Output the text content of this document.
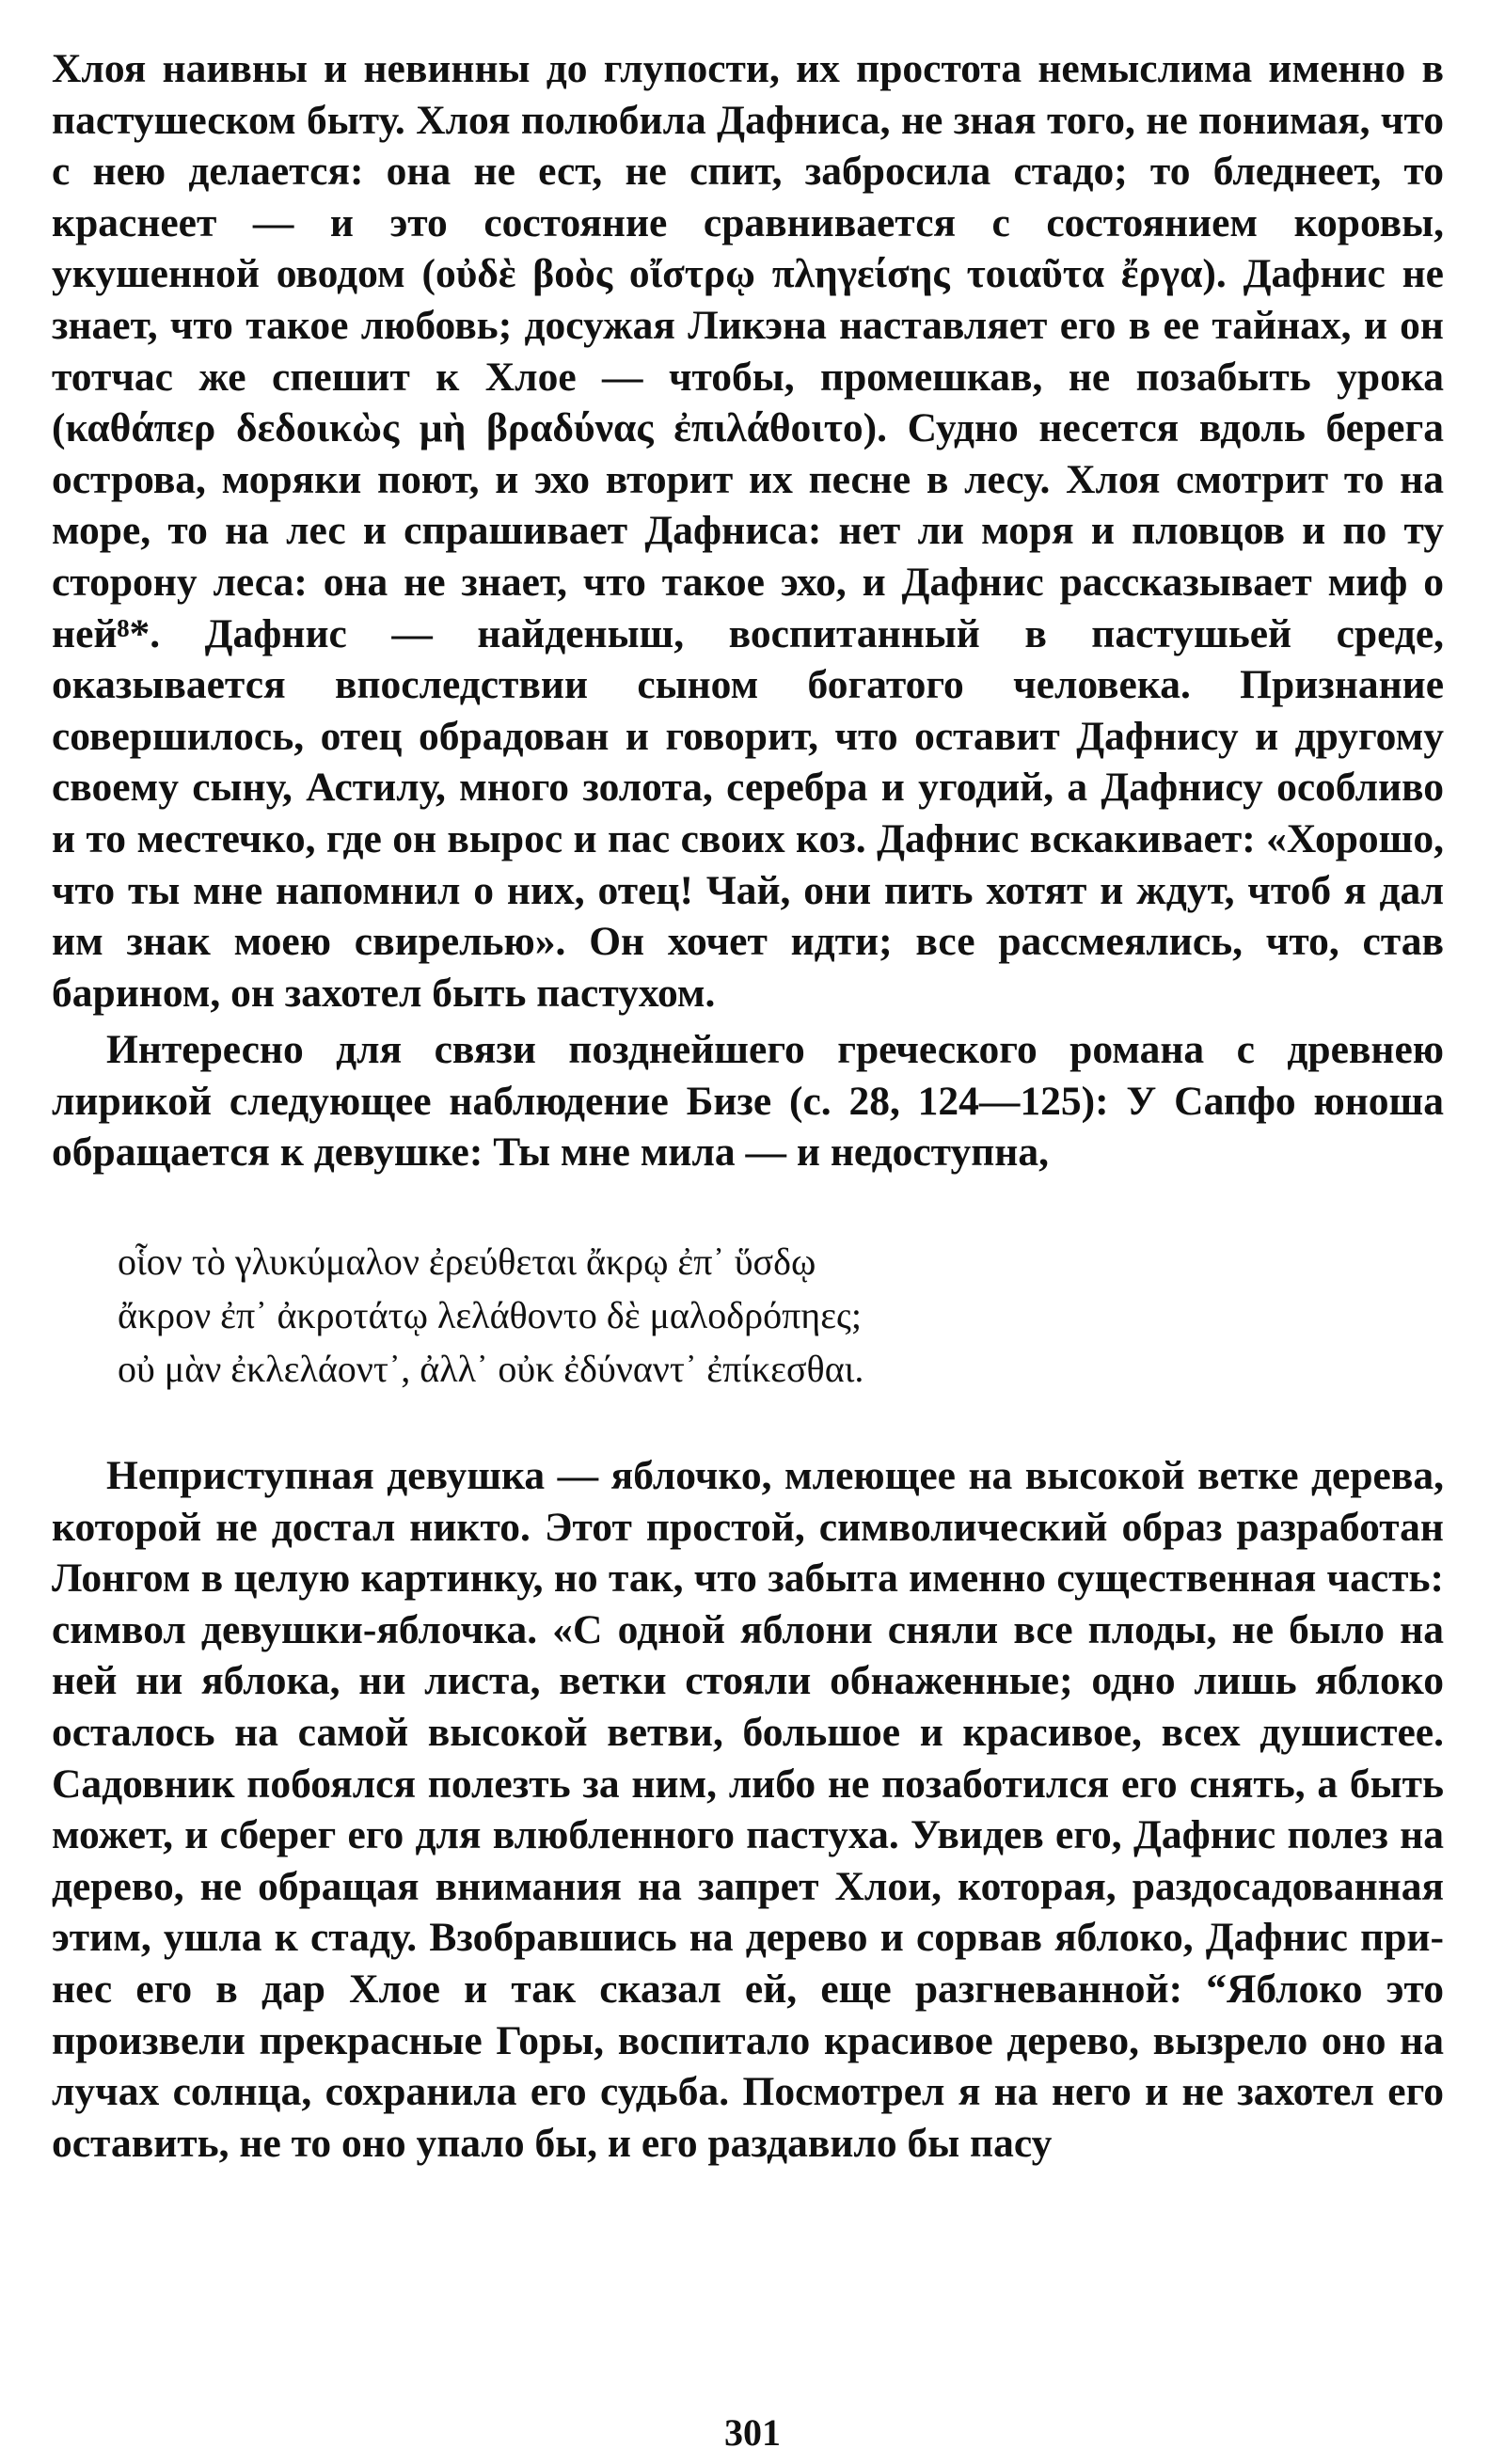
Хлоя наивны и невинны до глупости, их простота немыслима именно в пастушеском быту. Хлоя полюбила Дафниса, не зная того, не понимая, что с нею делается: она не ест, не спит, забросила стадо; то бледнеет, то краснеет — и это состояние сравнивается с состоянием коровы, укушенной оводом (οὐδὲ βοὸς οἴστρῳ πληγείσης τοιαῦτα ἔργα). Дафнис не знает, что такое любовь; досужая Ликэна наставляет его в ее тайнах, и он тотчас же спешит к Хлое — чтобы, промешкав, не позабыть урока (καθάπερ δεδοικὼς μὴ βραδύνας ἐπιλάθοιτο). Судно несется вдоль берега острова, моряки поют, и эхо вторит их песне в лесу. Хлоя смотрит то на море, то на лес и спрашивает Дафниса: нет ли моря и пловцов и по ту сторону леса: она не знает, что такое эхо, и Дафнис рассказывает миф о ней⁸*. Дафнис — найденыш, воспитанный в пастушьей среде, оказывается впоследствии сыном богатого человека. Признание совершилось, отец обрадован и говорит, что оставит Дафнису и другому своему сыну, Астилу, много золота, серебра и угодий, а Дафнису особливо и то местечко, где он вырос и пас своих коз. Дафнис вскакивает: «Хорошо, что ты мне напомнил о них, отец! Чай, они пить хотят и ждут, чтоб я дал им знак моею свирелью». Он хочет идти; все рассмеялись, что, став барином, он захотел быть пастухом.

Интересно для связи позднейшего греческого романа с древнею лирикой следующее наблюдение Бизе (с. 28, 124—125): У Сапфо юноша обращается к девушке: Ты мне мила — и недоступна,

οἷον τὸ γλυκύμαλον ἐρεύθεται ἄκρῳ ἐπ᾽ ὕσδῳ
ἄκρον ἐπ᾽ ἀκροτάτῳ λελάθοντο δὲ μαλοδρόπηες;
οὐ μὰν ἐκλελάοντ᾽, ἀλλ᾽ οὐκ ἐδύναντ᾽ ἐπίκεσθαι.

Неприступная девушка — яблочко, млеющее на высокой ветке дерева, которой не достал никто. Этот простой, символический образ разработан Лонгом в целую картинку, но так, что забыта именно существенная часть: символ девушки-яблочка. «С одной яблони сняли все плоды, не было на ней ни яблока, ни листа, ветки стояли обнаженные; одно лишь яблоко осталось на самой высокой ветви, большое и красивое, всех душистее. Садовник побоялся полезть за ним, либо не позаботился его снять, а быть может, и сберег его для влюбленного пастуха. Увидев его, Дафнис полез на дерево, не обращая внимания на запрет Хлои, которая, раздосадованная этим, ушла к стаду. Взобравшись на дерево и сорвав яблоко, Дафнис принес его в дар Хлое и так сказал ей, еще разгневанной: “Яблоко это произвели прекрасные Горы, воспитало красивое дерево, вызрело оно на лучах солнца, сохранила его судьба. Посмотрел я на него и не захотел его оставить, не то оно упало бы, и его раздавило бы пасу

301
